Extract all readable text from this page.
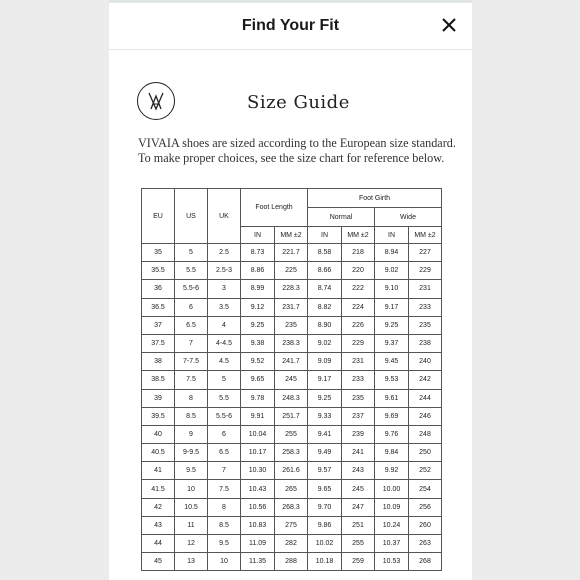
Find Your Fit
Size Guide
VIVAIA shoes are sized according to the European size standard.
To make proper choices, see the size chart for reference below.
EU	US	UK	Foot Length		Foot Girth			
					Normal		Wide	
			IN	MM ±2	IN	MM ±2	IN	MM ±2
35	5	2.5	8.73	221.7	8.58	218	8.94	227
35.5	5.5	2.5-3	8.86	225	8.66	220	9.02	229
36	5.5-6	3	8.99	228.3	8.74	222	9.10	231
36.5	6	3.5	9.12	231.7	8.82	224	9.17	233
37	6.5	4	9.25	235	8.90	226	9.25	235
37.5	7	4-4.5	9.38	238.3	9.02	229	9.37	238
38	7-7.5	4.5	9.52	241.7	9.09	231	9.45	240
38.5	7.5	5	9.65	245	9.17	233	9.53	242
39	8	5.5	9.78	248.3	9.25	235	9.61	244
39.5	8.5	5.5-6	9.91	251.7	9.33	237	9.69	246
40	9	6	10.04	255	9.41	239	9.76	248
40.5	9-9.5	6.5	10.17	258.3	9.49	241	9.84	250
41	9.5	7	10.30	261.6	9.57	243	9.92	252
41.5	10	7.5	10.43	265	9.65	245	10.00	254
42	10.5	8	10.56	268.3	9.70	247	10.09	256
43	11	8.5	10.83	275	9.86	251	10.24	260
44	12	9.5	11.09	282	10.02	255	10.37	263
45	13	10	11.35	288	10.18	259	10.53	268
